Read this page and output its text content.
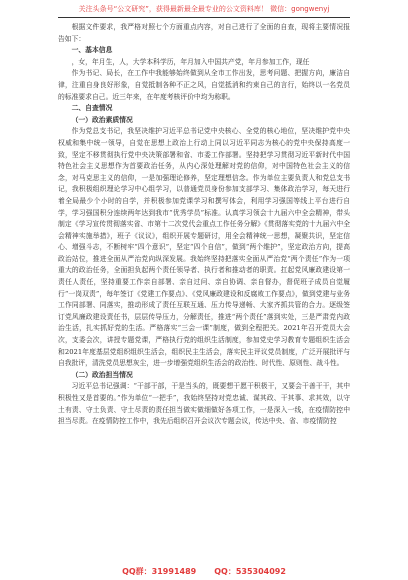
关注头条号“公文研究”，获得最新最全最专业的公文资料库！ 微信：gongwenyj

根据文件要求，我严格对照七个方面重点内容，对自己进行了全面的自查，现将主要情况报告如下：

一、基本信息

，女，年月生，人，大学本科学历，年月加入中国共产党，年月参加工作，现任

作为书记、局长，在工作中我能够始终做到从全市工作出发，思考问题、把握方向，廉洁自律，注重自身良好形象，自觉抵制各种不正之风，自觉抵消和约束自己的言行，始终以一名党员的标准要求自己。近三年来，在年度考核评价中均为称职。

二、自查情况

（一）政治素质情况

作为党总支书记，我坚决维护习近平总书记党中央核心、全党的核心地位，坚决维护党中央权威和集中统一领导，自觉在思想上政治上行动上同以习近平同志为核心的党中央保持高度一致，坚定不移贯彻执行党中央决策部署和省、市委工作部署。坚持把学习贯彻习近平新时代中国特色社会主义思想作为首要政治任务，从内心深处理解对党的信仰，对中国特色社会主义的信念，对马克思主义的信仰，一是加强理论修养，坚定理想信念。作为单位主要负责人和党总支书记，我积极组织理论学习中心组学习，以普通党员身份参加支部学习、集体政治学习，每天进行着全局最少个小时的自学，并积极参加党课学习和撰写体会，利用学习强国等线上平台进行自学，学习强国积分连续两年达到我市“优秀学员”标准。认真学习领会十九届六中全会精神，带头制定《学习宣传贯彻落实省、市第十二次党代会重点工作任务分解》《贯彻落实党的十九届六中全会精神实施举措》，班子《议议》，组织开展专题研讨，用全会精神统一思想，凝聚共识，坚定信心、增强斗志，不断树牢“四个意识”，坚定“四个自信”，做到“两个维护”，坚定政治方向，提高政治站位，推进全面从严治党向纵深发展。我始终坚持把落实全面从严治党“两个责任”作为一项重大的政治任务，全面担负起两个责任领导者、执行者和推动者的职责。扛起党风廉政建设第一责任人责任，坚持重要工作亲自部署、亲自过问、亲自协调、亲自督办，督促班子成员自觉履行“一岗双责”，每年签订《党建工作要点》、《党风廉政建设和反腐败工作要点》，做到党建与业务工作同部署、同落实，推动形成了责任互联互通、压力传导递畅、大家齐抓共管的合力。逐级签订党风廉政建设责任书，层层传导压力，分解责任，推进“两个责任”落到实处，三是严肃党内政治生活，扎实抓好党的生活。严格落实“三会一课”制度，做到全程把关。2021年召开党员大会次，支委会次，讲授专题党课，严格执行党的组织生活制度，参加党史学习教育专题组织生活会和2021年度基层党组织组织生活会，组织民主生活会，落实民主评议党员制度，广泛开展批评与自我批评，清洗党员思想灰尘，进一步增强党组织生活会的政治性、时代性、原则性、战斗性。

（二）政治担当情况

习近平总书记强调：“干部干部，干是当头的，既要想干愿干积极干，又要会干善干干，其中积极性又是首要的。”作为单位“一把手”，我始终坚持对党忠诚、谋其政、干其事、求其效，以守土有责、守土负责、守土尽责的责任担当做实做细做好各项工作，一是深入一线，在疫情防控中担当尽责。在疫情防控工作中，我先后组织召开会议次专题会议，传达中央、省、市疫情防控

QQ群：31991489 QQ：535304092
